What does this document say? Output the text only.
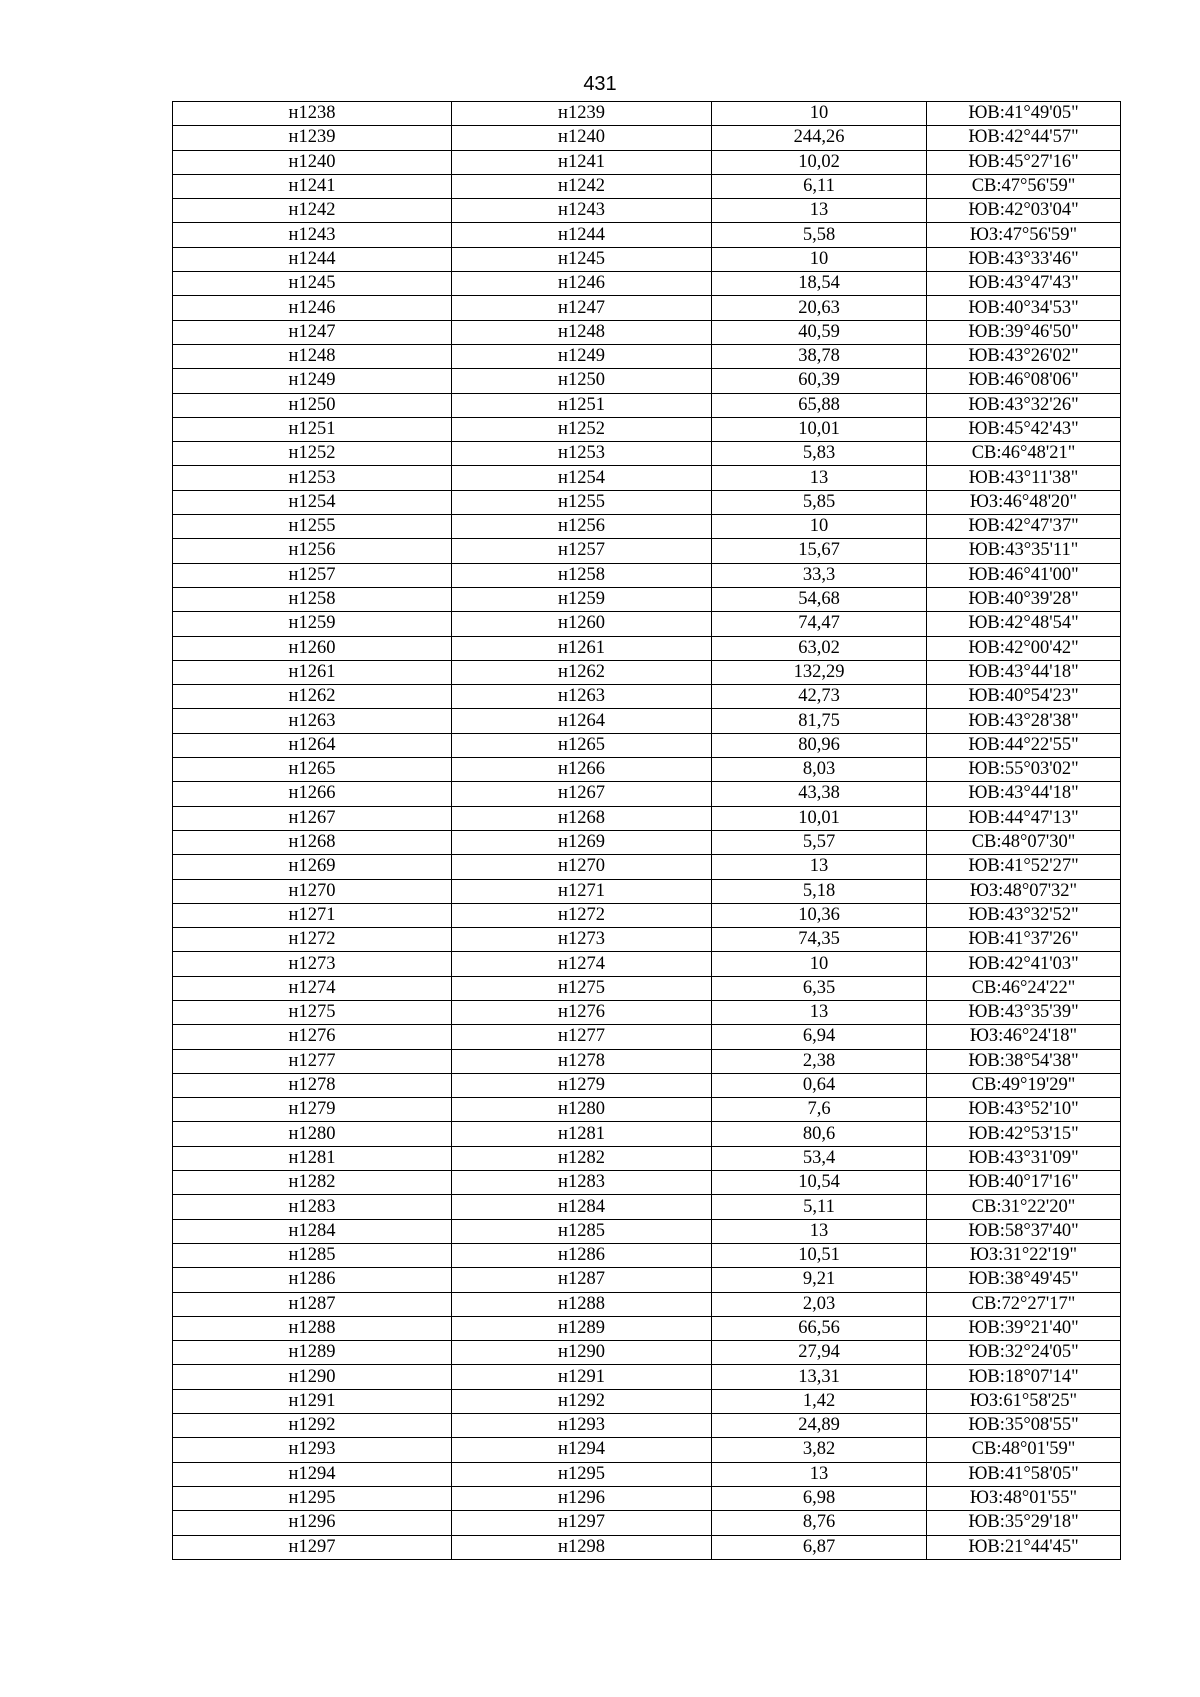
431
н1238	н1239	10	ЮВ:41°49'05"
н1239	н1240	244,26	ЮВ:42°44'57"
н1240	н1241	10,02	ЮВ:45°27'16"
н1241	н1242	6,11	СВ:47°56'59"
н1242	н1243	13	ЮВ:42°03'04"
н1243	н1244	5,58	ЮЗ:47°56'59"
н1244	н1245	10	ЮВ:43°33'46"
н1245	н1246	18,54	ЮВ:43°47'43"
н1246	н1247	20,63	ЮВ:40°34'53"
н1247	н1248	40,59	ЮВ:39°46'50"
н1248	н1249	38,78	ЮВ:43°26'02"
н1249	н1250	60,39	ЮВ:46°08'06"
н1250	н1251	65,88	ЮВ:43°32'26"
н1251	н1252	10,01	ЮВ:45°42'43"
н1252	н1253	5,83	СВ:46°48'21"
н1253	н1254	13	ЮВ:43°11'38"
н1254	н1255	5,85	ЮЗ:46°48'20"
н1255	н1256	10	ЮВ:42°47'37"
н1256	н1257	15,67	ЮВ:43°35'11"
н1257	н1258	33,3	ЮВ:46°41'00"
н1258	н1259	54,68	ЮВ:40°39'28"
н1259	н1260	74,47	ЮВ:42°48'54"
н1260	н1261	63,02	ЮВ:42°00'42"
н1261	н1262	132,29	ЮВ:43°44'18"
н1262	н1263	42,73	ЮВ:40°54'23"
н1263	н1264	81,75	ЮВ:43°28'38"
н1264	н1265	80,96	ЮВ:44°22'55"
н1265	н1266	8,03	ЮВ:55°03'02"
н1266	н1267	43,38	ЮВ:43°44'18"
н1267	н1268	10,01	ЮВ:44°47'13"
н1268	н1269	5,57	СВ:48°07'30"
н1269	н1270	13	ЮВ:41°52'27"
н1270	н1271	5,18	ЮЗ:48°07'32"
н1271	н1272	10,36	ЮВ:43°32'52"
н1272	н1273	74,35	ЮВ:41°37'26"
н1273	н1274	10	ЮВ:42°41'03"
н1274	н1275	6,35	СВ:46°24'22"
н1275	н1276	13	ЮВ:43°35'39"
н1276	н1277	6,94	ЮЗ:46°24'18"
н1277	н1278	2,38	ЮВ:38°54'38"
н1278	н1279	0,64	СВ:49°19'29"
н1279	н1280	7,6	ЮВ:43°52'10"
н1280	н1281	80,6	ЮВ:42°53'15"
н1281	н1282	53,4	ЮВ:43°31'09"
н1282	н1283	10,54	ЮВ:40°17'16"
н1283	н1284	5,11	СВ:31°22'20"
н1284	н1285	13	ЮВ:58°37'40"
н1285	н1286	10,51	ЮЗ:31°22'19"
н1286	н1287	9,21	ЮВ:38°49'45"
н1287	н1288	2,03	СВ:72°27'17"
н1288	н1289	66,56	ЮВ:39°21'40"
н1289	н1290	27,94	ЮВ:32°24'05"
н1290	н1291	13,31	ЮВ:18°07'14"
н1291	н1292	1,42	ЮЗ:61°58'25"
н1292	н1293	24,89	ЮВ:35°08'55"
н1293	н1294	3,82	СВ:48°01'59"
н1294	н1295	13	ЮВ:41°58'05"
н1295	н1296	6,98	ЮЗ:48°01'55"
н1296	н1297	8,76	ЮВ:35°29'18"
н1297	н1298	6,87	ЮВ:21°44'45"
